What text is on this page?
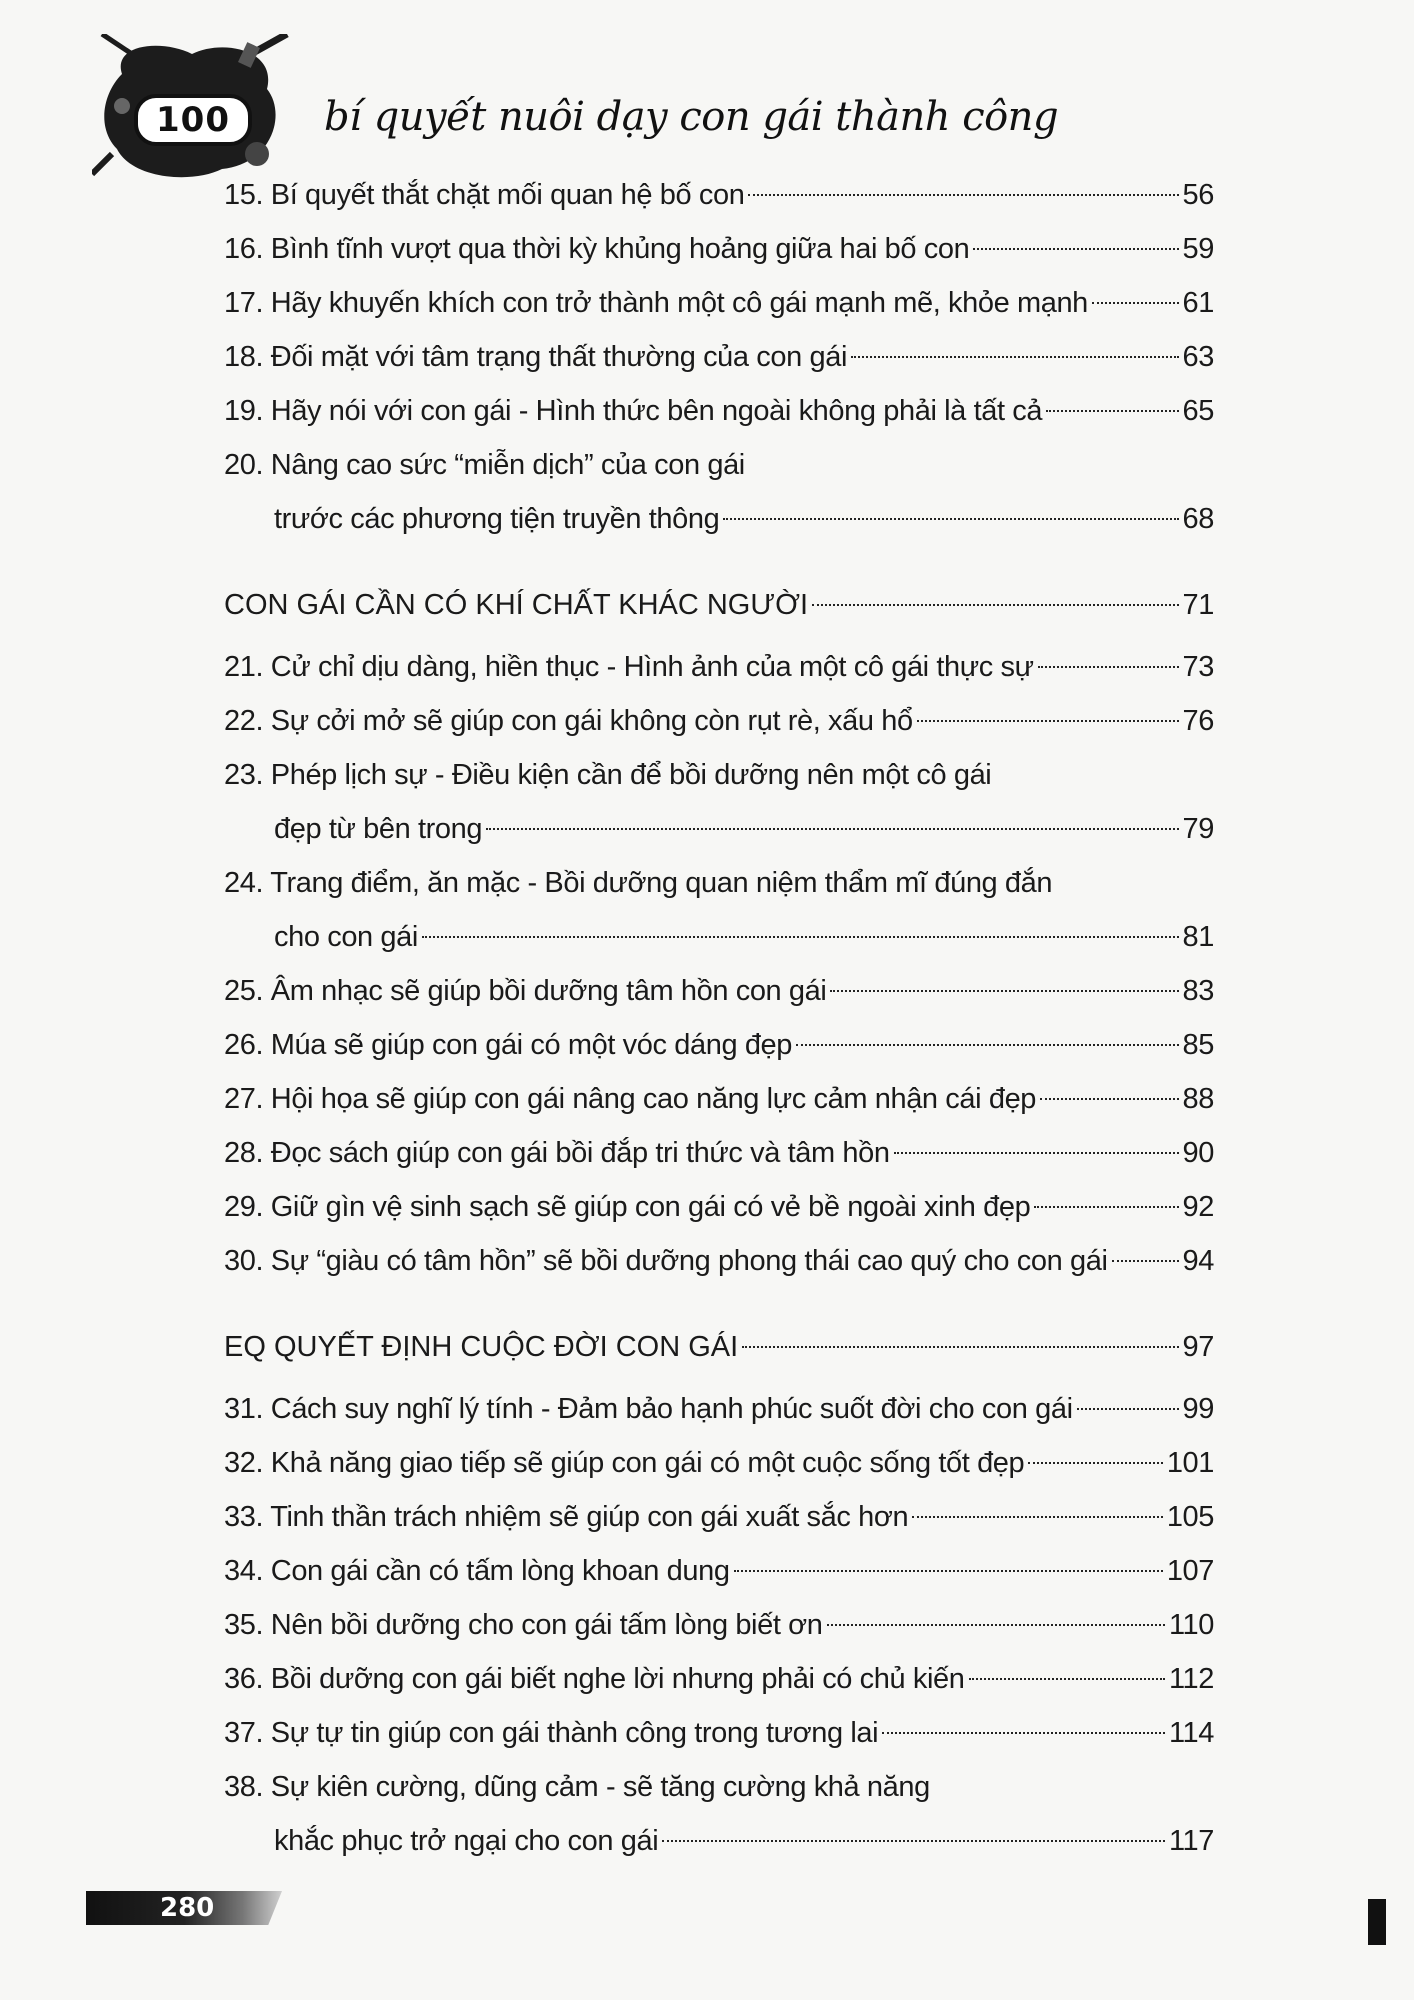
100	bí quyết nuôi dạy con gái thành công
15. Bí quyết thắt chặt mối quan hệ bố con	56
16. Bình tĩnh vượt qua thời kỳ khủng hoảng giữa hai bố con	59
17. Hãy khuyến khích con trở thành một cô gái mạnh mẽ, khỏe mạnh	61
18. Đối mặt với tâm trạng thất thường của con gái	63
19. Hãy nói với con gái - Hình thức bên ngoài không phải là tất cả	65
20. Nâng cao sức “miễn dịch” của con gái
trước các phương tiện truyền thông	68
CON GÁI CẦN CÓ KHÍ CHẤT KHÁC NGƯỜI	71
21. Cử chỉ dịu dàng, hiền thục - Hình ảnh của một cô gái thực sự	73
22. Sự cởi mở sẽ giúp con gái không còn rụt rè, xấu hổ	76
23. Phép lịch sự - Điều kiện cần để bồi dưỡng nên một cô gái
đẹp từ bên trong	79
24. Trang điểm, ăn mặc - Bồi dưỡng quan niệm thẩm mĩ đúng đắn
cho con gái	81
25. Âm nhạc sẽ giúp bồi dưỡng tâm hồn con gái	83
26. Múa sẽ giúp con gái có một vóc dáng đẹp	85
27. Hội họa sẽ giúp con gái nâng cao năng lực cảm nhận cái đẹp	88
28. Đọc sách giúp con gái bồi đắp tri thức và tâm hồn	90
29. Giữ gìn vệ sinh sạch sẽ giúp con gái có vẻ bề ngoài xinh đẹp	92
30. Sự “giàu có tâm hồn” sẽ bồi dưỡng phong thái cao quý cho con gái	94
EQ QUYẾT ĐỊNH CUỘC ĐỜI CON GÁI	97
31. Cách suy nghĩ lý tính - Đảm bảo hạnh phúc suốt đời cho con gái	99
32. Khả năng giao tiếp sẽ giúp con gái có một cuộc sống tốt đẹp	101
33. Tinh thần trách nhiệm sẽ giúp con gái xuất sắc hơn	105
34. Con gái cần có tấm lòng khoan dung	107
35. Nên bồi dưỡng cho con gái tấm lòng biết ơn	110
36. Bồi dưỡng con gái biết nghe lời nhưng phải có chủ kiến	112
37. Sự tự tin giúp con gái thành công trong tương lai	114
38. Sự kiên cường, dũng cảm - sẽ tăng cường khả năng
khắc phục trở ngại cho con gái	117
280
